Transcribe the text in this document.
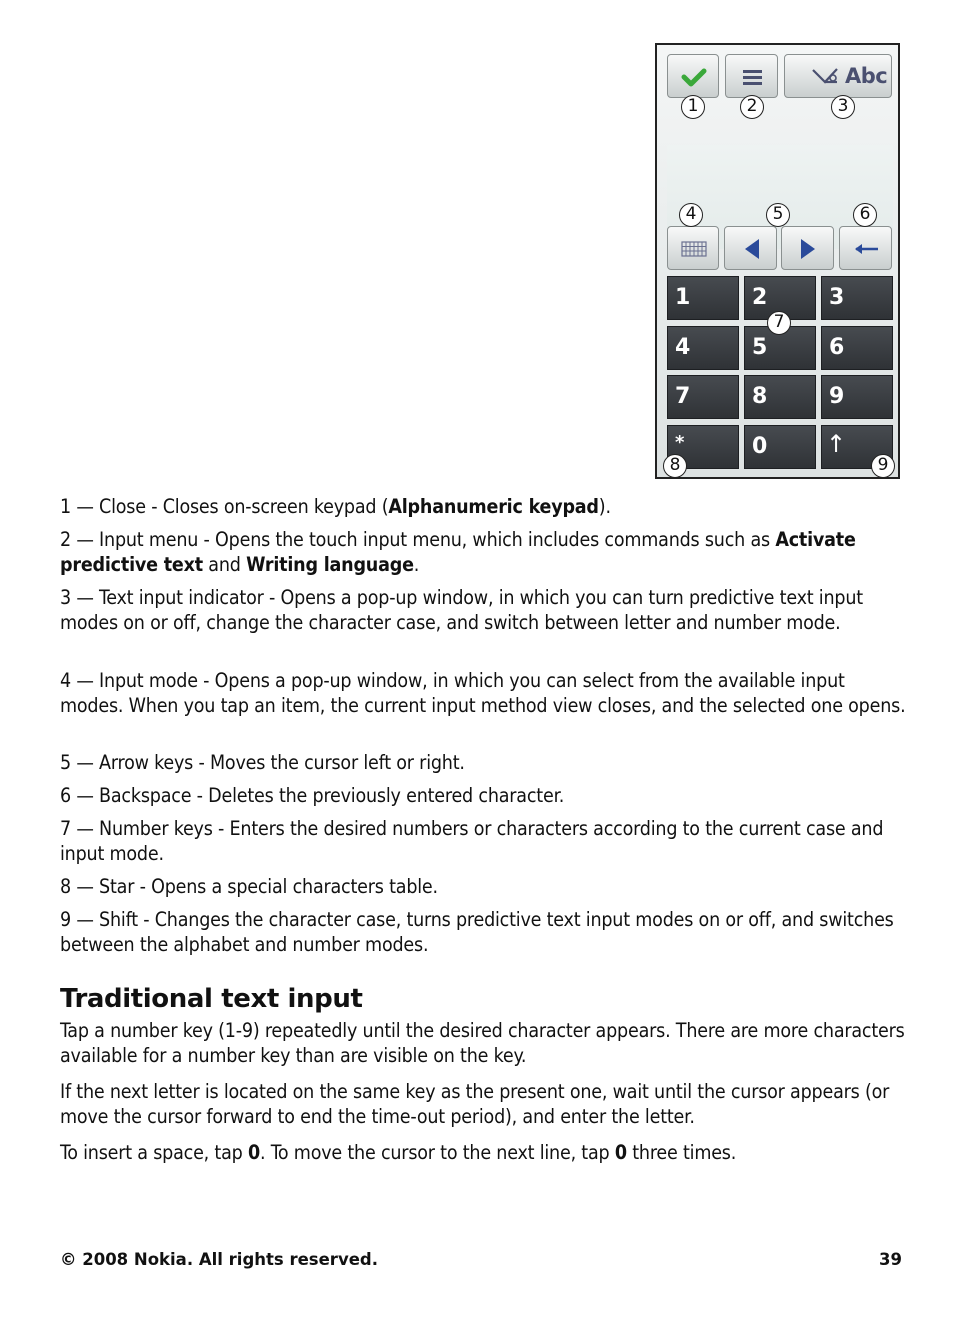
Abc
1	2	3
4	5	6
7	8	9
*	0	↑
1	2	3
4	5	6
7
8	9

1 — Close - Closes on-screen keypad (Alphanumeric keypad).

2 — Input menu - Opens the touch input menu, which includes commands such as Activate predictive text and Writing language.

3 — Text input indicator - Opens a pop-up window, in which you can turn predictive text input modes on or off, change the character case, and switch between letter and number mode.

4 — Input mode - Opens a pop-up window, in which you can select from the available input modes. When you tap an item, the current input method view closes, and the selected one opens.

5 — Arrow keys - Moves the cursor left or right.

6 — Backspace - Deletes the previously entered character.

7 — Number keys - Enters the desired numbers or characters according to the current case and input mode.

8 — Star - Opens a special characters table.

9 — Shift - Changes the character case, turns predictive text input modes on or off, and switches between the alphabet and number modes.

Traditional text input

Tap a number key (1-9) repeatedly until the desired character appears. There are more characters available for a number key than are visible on the key.

If the next letter is located on the same key as the present one, wait until the cursor appears (or move the cursor forward to end the time-out period), and enter the letter.

To insert a space, tap 0. To move the cursor to the next line, tap 0 three times.

© 2008 Nokia. All rights reserved.	39
